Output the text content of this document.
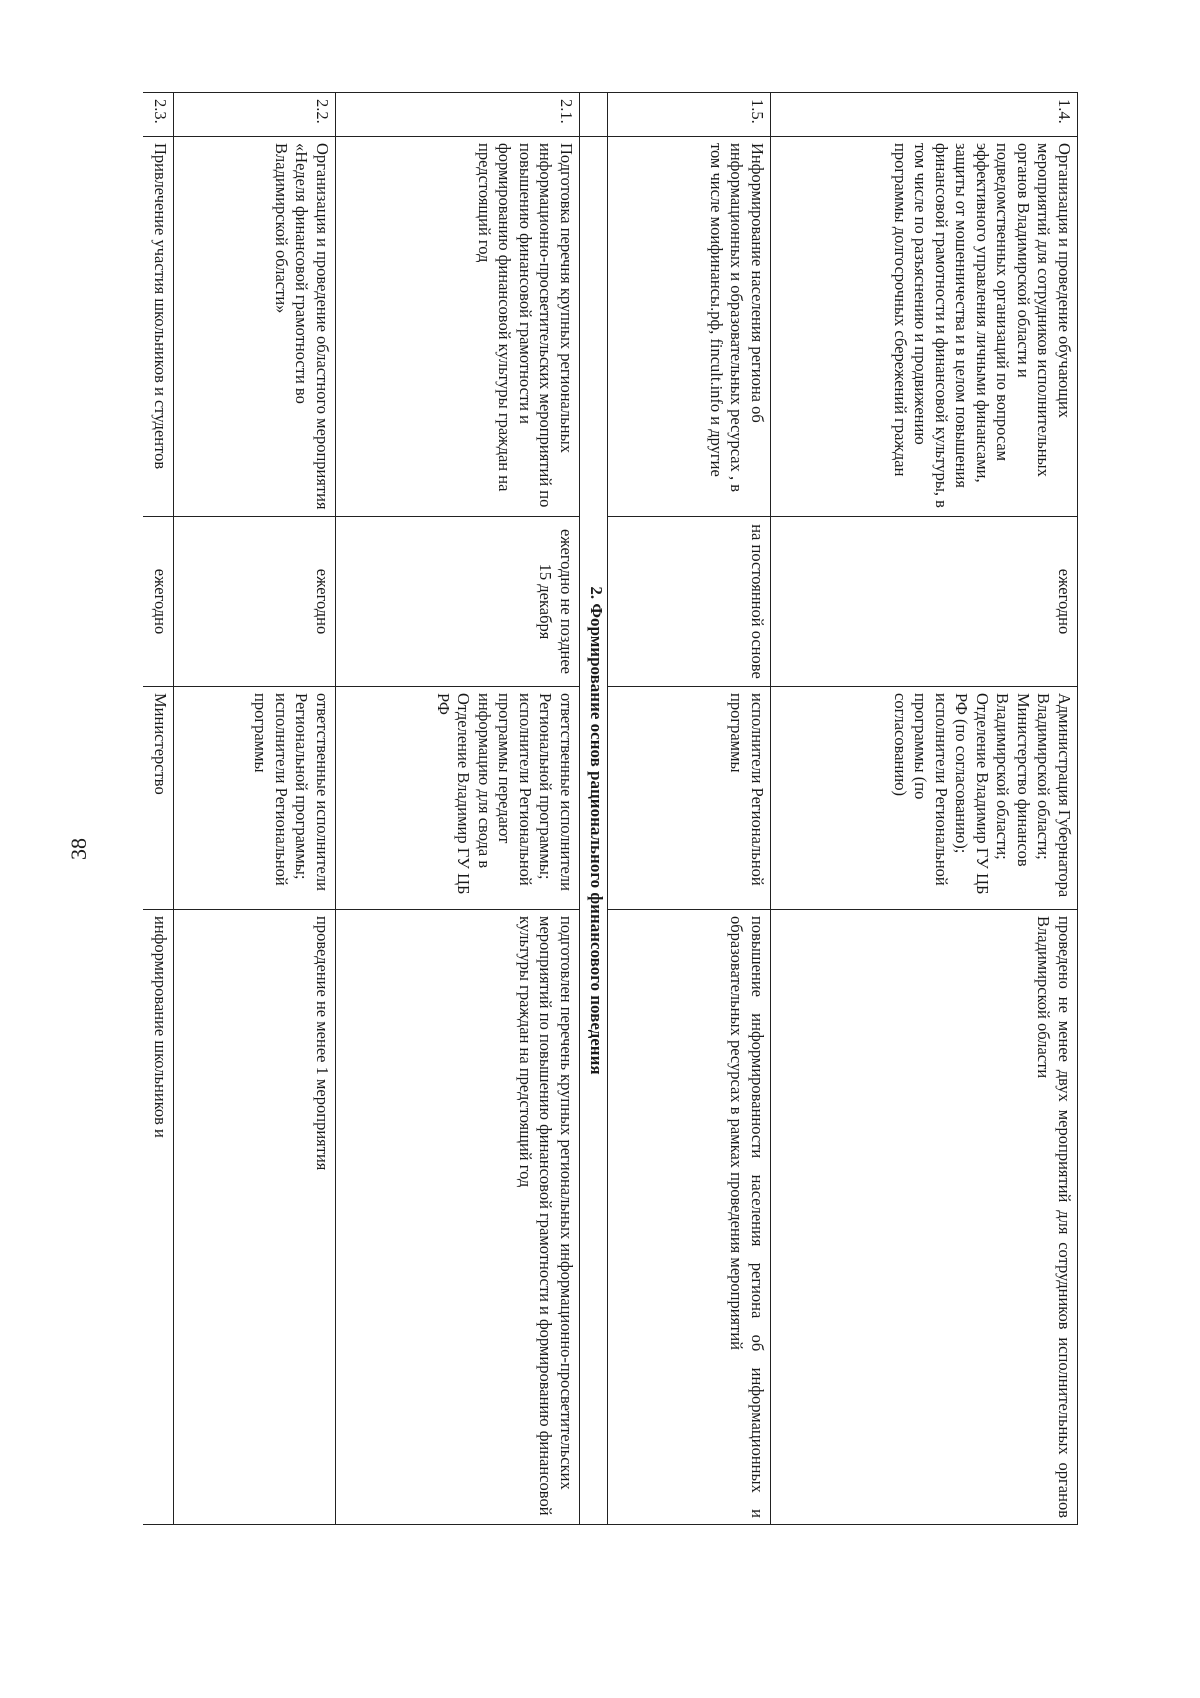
38
1.4.	Организация и проведение обучающих мероприятий для сотрудников исполнительных органов Владимирской области и подведомственных организаций по вопросам эффективного управления личными финансами, защиты от мошенничества и в целом повышения финансовой грамотности и финансовой культуры, в том числе по разъяснению и продвижению программы долгосрочных сбережений граждан	ежегодно	Администрация Губернатора Владимирской области; Министерство финансов Владимирской области; Отделение Владимир ГУ ЦБ РФ (по согласованию); исполнители Региональной программы (по согласованию)	проведено не менее двух мероприятий для сотрудников исполнительных органов Владимирской области
1.5.	Информирование населения региона об информационных и образовательных ресурсах , в том числе моифинансы.рф, fincult.info и другие	на постоянной основе	исполнители Региональной программы	повышение информированности населения региона об информационных и образовательных ресурсах в рамках проведения мероприятий
	2. Формирование основ рационального финансового поведения			
2.1.	Подготовка перечня крупных региональных информационно-просветительских мероприятий по повышению финансовой грамотности и формированию финансовой культуры граждан на предстоящий год	ежегодно не позднее 15 декабря	ответственные исполнители Региональной программы; исполнители Региональной программы передают информацию для свода в Отделение Владимир ГУ ЦБ РФ	подготовлен перечень крупных региональных информационно-просветительских мероприятий по повышению финансовой грамотности и формированию финансовой культуры граждан на предстоящий год
2.2.	Организация и проведение областного мероприятия «Неделя финансовой грамотности во Владимирской области»	ежегодно	ответственные исполнители Региональной программы; исполнители Региональной программы	проведение не менее 1 мероприятия
2.3.	Привлечение участия школьников и студентов	ежегодно	Министерство	информирование школьников и
